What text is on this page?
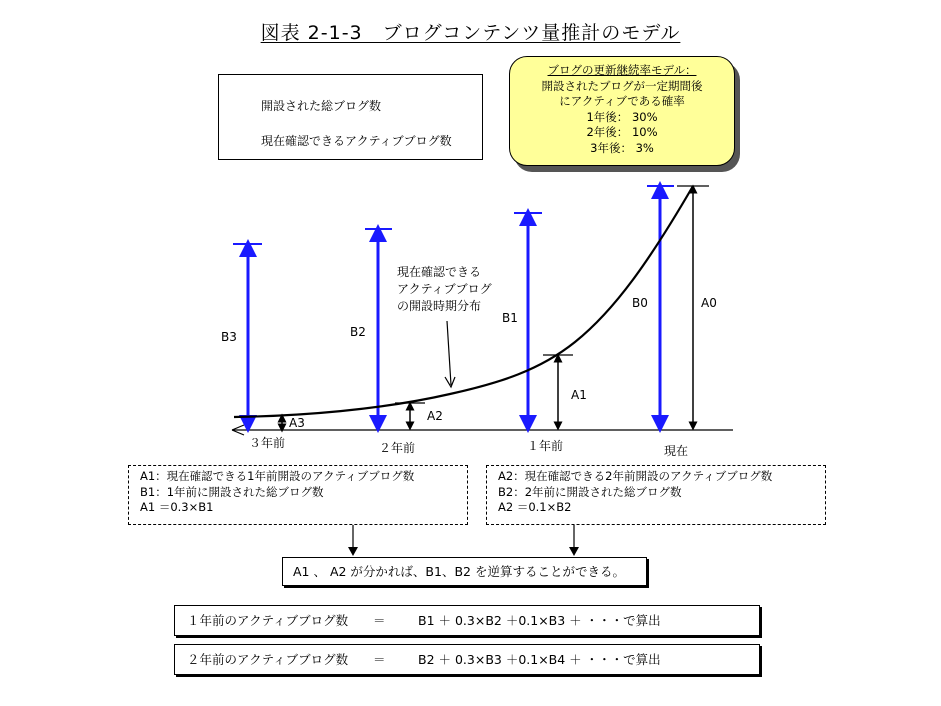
図表 2-1-3　ブログコンテンツ量推計のモデル
開設された総ブログ数
現在確認できるアクティブブログ数
ブログの更新継続率モデル：
開設されたブログが一定期間後
にアクティブである確率
1年後： 30%
2年後： 10%
3年後： 3%
現在確認できる
アクティブブログ
の開設時期分布
B3	B2
B1
B0
A3	A2
A1
A0
３年前	２年前	１年前	現在
A1：現在確認できる1年前開設のアクティブブログ数
B1：1年前に開設された総ブログ数
A1 ＝0.3×B1
A2：現在確認できる2年前開設のアクティブブログ数
B2：2年前に開設された総ブログ数
A2 ＝0.1×B2
A1 、 A2 が分かれば、B1、B2 を逆算することができる。
１年前のアクティブブログ数 ＝	B1 ＋ 0.3×B2 ＋0.1×B3 ＋ ・・・で算出
２年前のアクティブブログ数 ＝	B2 ＋ 0.3×B3 ＋0.1×B4 ＋ ・・・で算出
